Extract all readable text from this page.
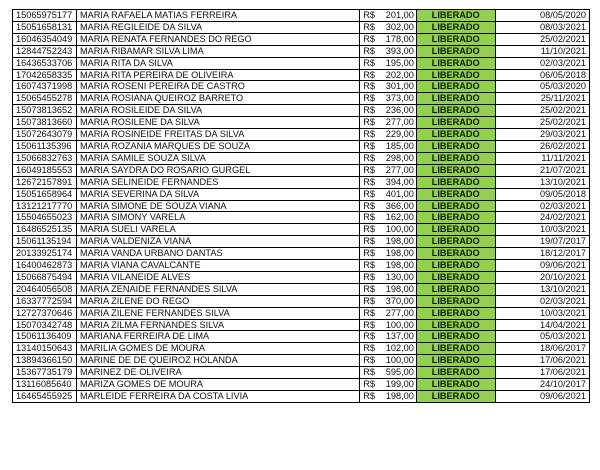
15065975177	MARIA RAFAELA MATIAS FERREIRA	R$ 201,00	LIBERADO	08/05/2020
15051658131	MARIA REGILEIDE DA SILVA	R$ 302,00	LIBERADO	08/03/2021
16046354049	MARIA RENATA FERNANDES DO REGO	R$ 178,00	LIBERADO	25/02/2021
12844752243	MARIA RIBAMAR SILVA LIMA	R$ 393,00	LIBERADO	11/10/2021
16436533706	MARIA RITA DA SILVA	R$ 195,00	LIBERADO	02/03/2021
17042658335	MARIA RITA PEREIRA DE OLIVEIRA	R$ 202,00	LIBERADO	06/05/2018
16074371998	MARIA ROSENI PEREIRA DE CASTRO	R$ 301,00	LIBERADO	05/03/2020
15065455278	MARIA ROSIANA QUEIROZ BARRETO	R$ 373,00	LIBERADO	25/11/2021
15073813652	MARIA ROSILEIDE DA SILVA	R$ 236,00	LIBERADO	25/02/2021
15073813660	MARIA ROSILENE DA SILVA	R$ 277,00	LIBERADO	25/02/2021
15072643079	MARIA ROSINEIDE FREITAS DA SILVA	R$ 229,00	LIBERADO	29/03/2021
15061135396	MARIA ROZANIA MARQUES DE SOUZA	R$ 185,00	LIBERADO	26/02/2021
15066832763	MARIA SAMILE SOUZA SILVA	R$ 298,00	LIBERADO	11/11/2021
16049185553	MARIA SAYDRA DO ROSARIO GURGEL	R$ 277,00	LIBERADO	21/07/2021
12672157891	MARIA SELINEIDE FERNANDES	R$ 394,00	LIBERADO	13/10/2021
15051658964	MARIA SEVERINA DA SILVA	R$ 401,00	LIBERADO	09/05/2018
13121217770	MARIA SIMONE DE SOUZA VIANA	R$ 366,00	LIBERADO	02/03/2021
15504655023	MARIA SIMONY VARELA	R$ 162,00	LIBERADO	24/02/2021
16486525135	MARIA SUELI VARELA	R$ 100,00	LIBERADO	10/03/2021
15061135194	MARIA VALDENIZA VIANA	R$ 198,00	LIBERADO	19/07/2017
20133925174	MARIA VANDA URBANO DANTAS	R$ 198,00	LIBERADO	18/12/2017
16400462873	MARIA VIANA CAVALCANTE	R$ 198,00	LIBERADO	09/06/2021
15066875494	MARIA VILANEIDE ALVES	R$ 130,00	LIBERADO	20/10/2021
20464056508	MARIA ZENAIDE FERNANDES SILVA	R$ 198,00	LIBERADO	13/10/2021
16337772594	MARIA ZILENE DO REGO	R$ 370,00	LIBERADO	02/03/2021
12727370646	MARIA ZILENE FERNANDES SILVA	R$ 277,00	LIBERADO	10/03/2021
15070342748	MARIA ZILMA FERNANDES SILVA	R$ 100,00	LIBERADO	14/04/2021
15061136409	MARIANA FERREIRA DE LIMA	R$ 137,00	LIBERADO	05/03/2021
13140150643	MARILIA GOMES DE MOURA	R$ 102,00	LIBERADO	18/06/2017
13894366150	MARINE DE DE QUEIROZ HOLANDA	R$ 100,00	LIBERADO	17/06/2021
15367735179	MARINEZ DE OLIVEIRA	R$ 595,00	LIBERADO	17/06/2021
13116085640	MARIZA GOMES DE MOURA	R$ 199,00	LIBERADO	24/10/2017
16465455925	MARLEIDE FERREIRA DA COSTA LIVIA	R$ 198,00	LIBERADO	09/06/2021
